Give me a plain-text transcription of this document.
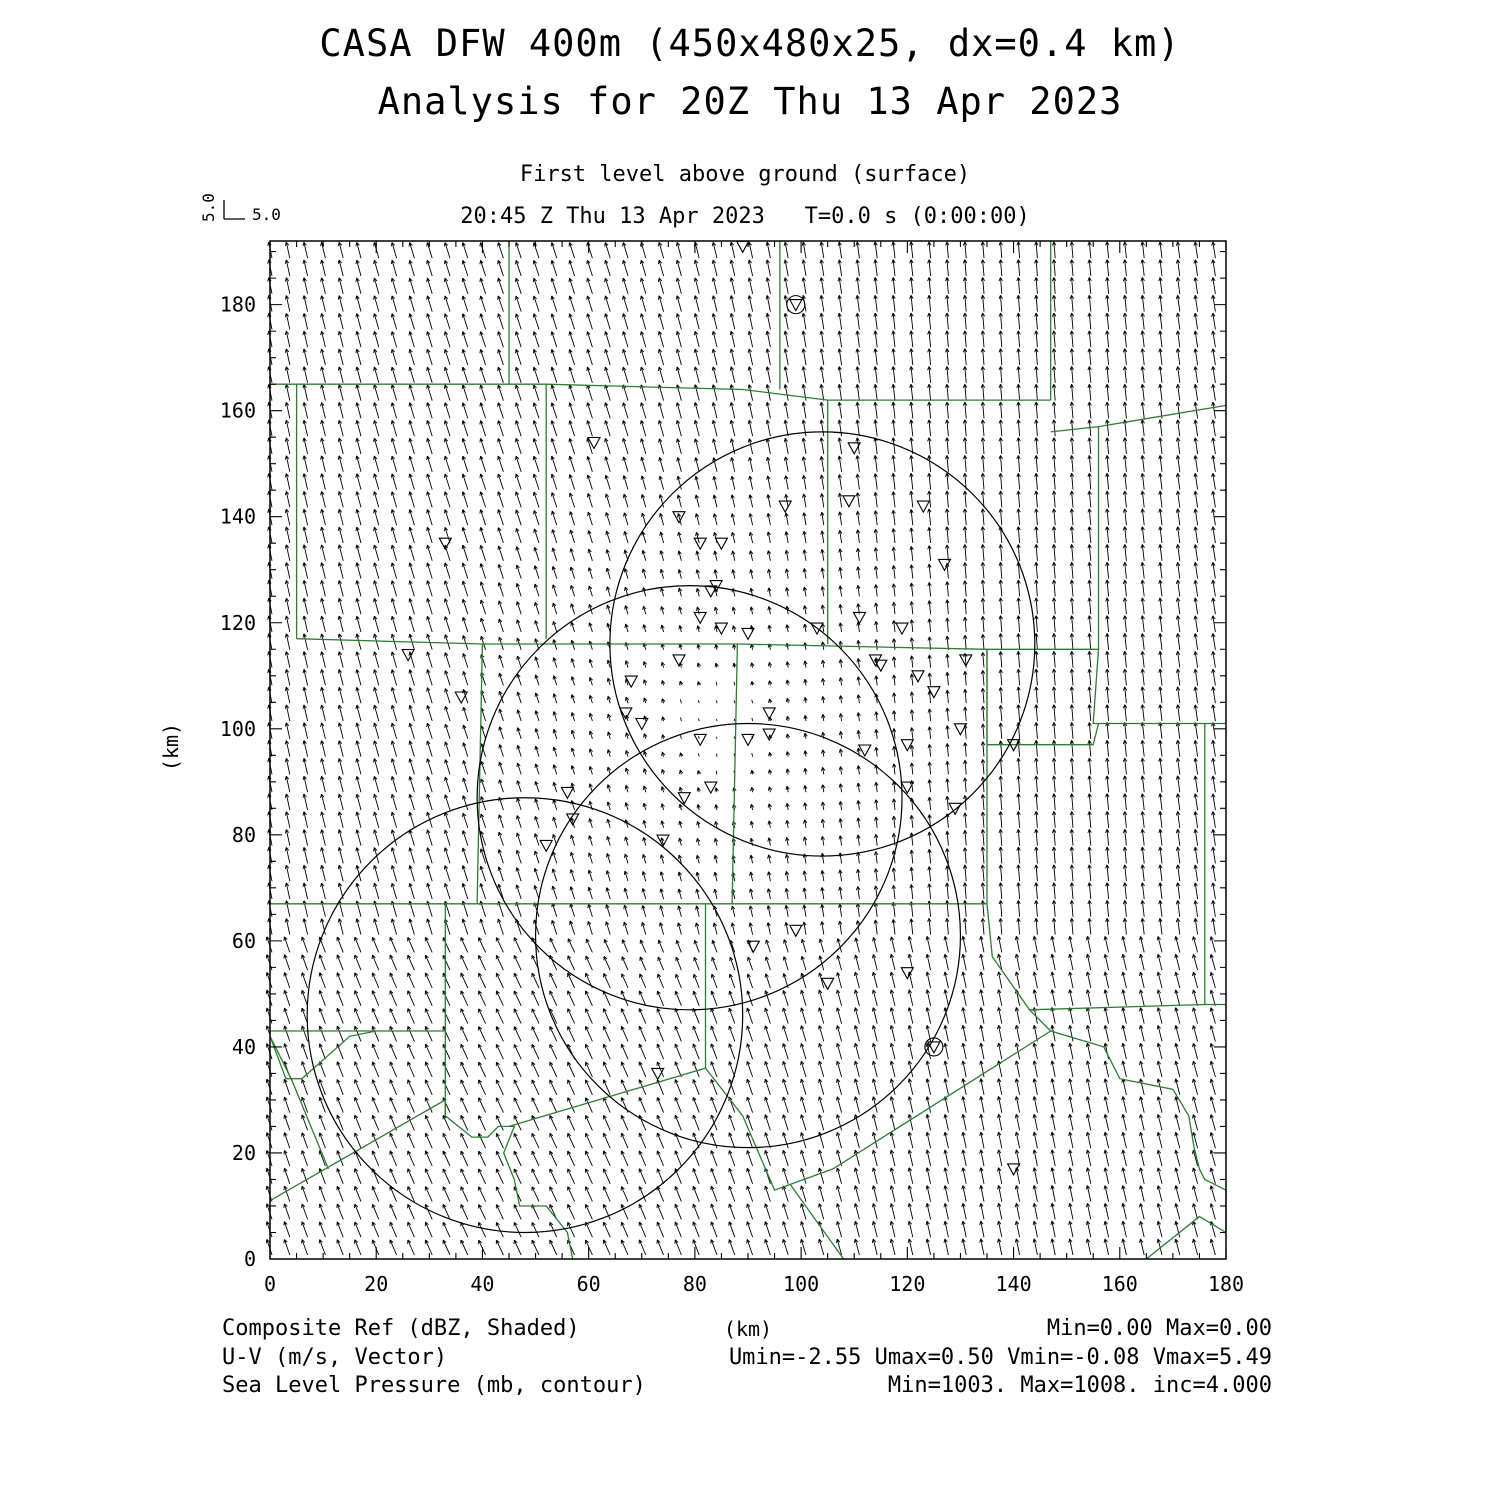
CASA DFW 400m (450x480x25, dx=0.4 km)
Analysis for 20Z Thu 13 Apr 2023
First level above ground (surface)
20:45 Z Thu 13 Apr 2023   T=0.0 s (0:00:00)
0	20	40	60	80	100	120	140	160	180
0
20
40
60
80
100
120
140
160
180
5.0
5.0
(km)
(km)
Composite Ref (dBZ, Shaded)	Min=0.00 Max=0.00
U-V (m/s, Vector)	Umin=-2.55 Umax=0.50 Vmin=-0.08 Vmax=5.49
Sea Level Pressure (mb, contour)	Min=1003. Max=1008. inc=4.000
